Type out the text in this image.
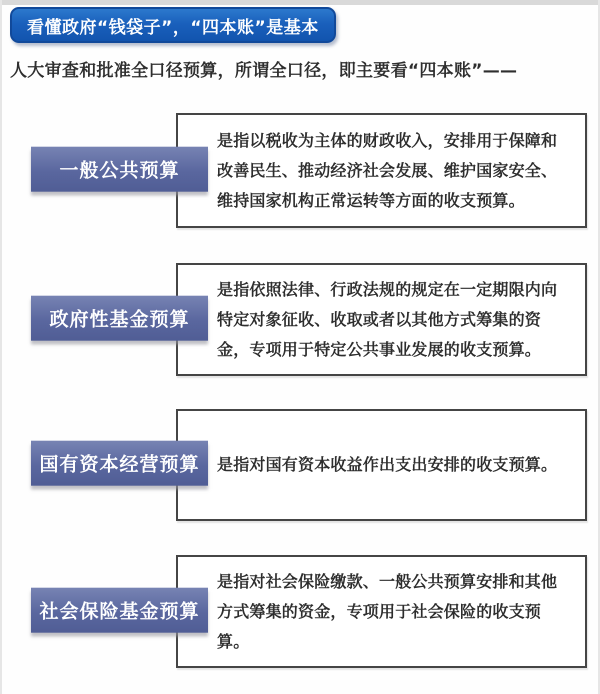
看懂政府“钱袋子”，“四本账”是基本
人大审查和批准全口径预算，所谓全口径，即主要看“四本账”——

是指以税收为主体的财政收入，安排用于保障和改善民生、推动经济社会发展、维护国家安全、维持国家机构正常运转等方面的收支预算。

一般公共预算

是指依照法律、行政法规的规定在一定期限内向特定对象征收、收取或者以其他方式筹集的资金，专项用于特定公共事业发展的收支预算。

政府性基金预算

是指对国有资本收益作出支出安排的收支预算。

国有资本经营预算

是指对社会保险缴款、一般公共预算安排和其他方式筹集的资金，专项用于社会保险的收支预算。

社会保险基金预算
